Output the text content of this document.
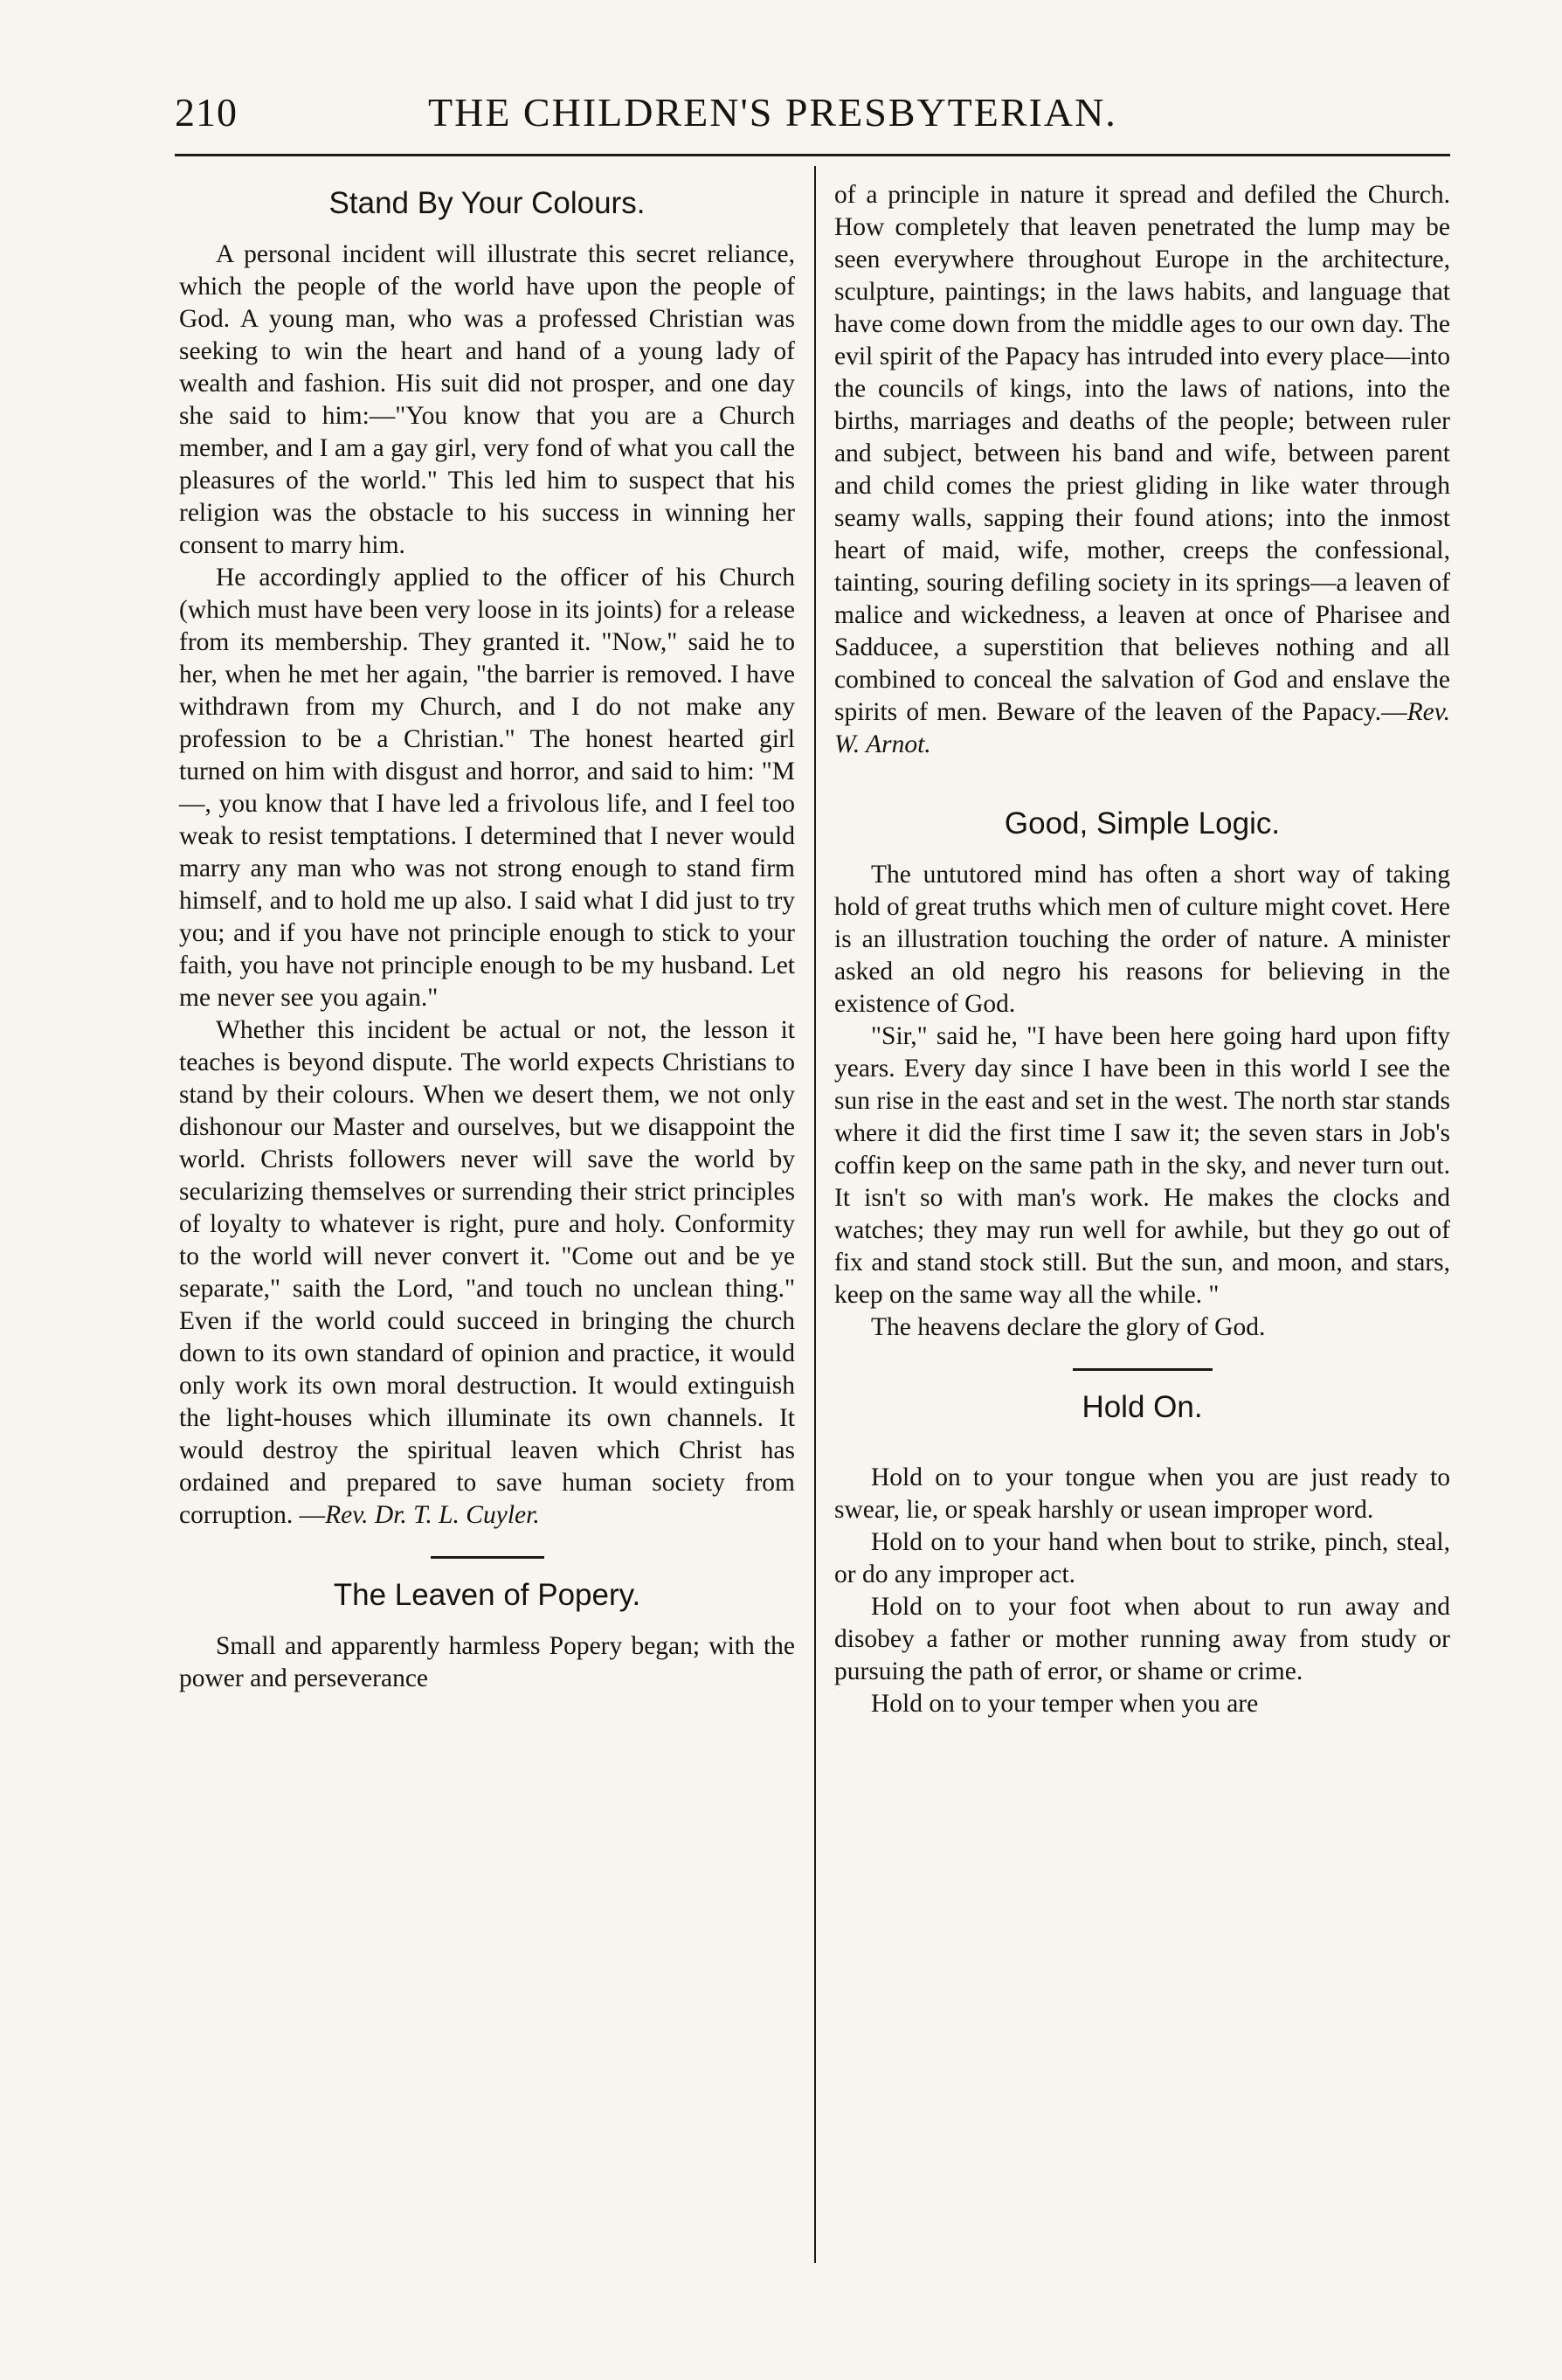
210	THE CHILDREN'S PRESBYTERIAN.
Stand By Your Colours.

A personal incident will illustrate this secret reliance, which the people of the world have upon the people of God. A young man, who was a professed Christian was seeking to win the heart and hand of a young lady of wealth and fashion. His suit did not prosper, and one day she said to him:—"You know that you are a Church member, and I am a gay girl, very fond of what you call the pleasures of the world." This led him to suspect that his religion was the obstacle to his success in winning her consent to marry him.

He accordingly applied to the officer of his Church (which must have been very loose in its joints) for a release from its membership. They granted it. "Now," said he to her, when he met her again, "the barrier is removed. I have withdrawn from my Church, and I do not make any profession to be a Christian." The honest hearted girl turned on him with disgust and horror, and said to him: "M—, you know that I have led a frivolous life, and I feel too weak to resist temptations. I determined that I never would marry any man who was not strong enough to stand firm himself, and to hold me up also. I said what I did just to try you; and if you have not principle enough to stick to your faith, you have not principle enough to be my husband. Let me never see you again."

Whether this incident be actual or not, the lesson it teaches is beyond dispute. The world expects Christians to stand by their colours. When we desert them, we not only dishonour our Master and ourselves, but we disappoint the world. Christs followers never will save the world by secularizing themselves or surrending their strict principles of loyalty to whatever is right, pure and holy. Conformity to the world will never convert it. "Come out and be ye separate," saith the Lord, "and touch no unclean thing." Even if the world could succeed in bringing the church down to its own standard of opinion and practice, it would only work its own moral destruction. It would extinguish the light-houses which illuminate its own channels. It would destroy the spiritual leaven which Christ has ordained and prepared to save human society from corruption. —Rev. Dr. T. L. Cuyler.

The Leaven of Popery.

Small and apparently harmless Popery began; with the power and perseverance

of a principle in nature it spread and defiled the Church. How completely that leaven penetrated the lump may be seen everywhere throughout Europe in the architecture, sculpture, paintings; in the laws habits, and language that have come down from the middle ages to our own day. The evil spirit of the Papacy has intruded into every place—into the councils of kings, into the laws of nations, into the births, marriages and deaths of the people; between ruler and subject, between his band and wife, between parent and child comes the priest gliding in like water through seamy walls, sapping their found ations; into the inmost heart of maid, wife, mother, creeps the confessional, tainting, souring defiling society in its springs—a leaven of malice and wickedness, a leaven at once of Pharisee and Sadducee, a superstition that believes nothing and all combined to conceal the salvation of God and enslave the spirits of men. Beware of the leaven of the Papacy.—Rev. W. Arnot.

Good, Simple Logic.

The untutored mind has often a short way of taking hold of great truths which men of culture might covet. Here is an illustration touching the order of nature. A minister asked an old negro his reasons for believing in the existence of God.

"Sir," said he, "I have been here going hard upon fifty years. Every day since I have been in this world I see the sun rise in the east and set in the west. The north star stands where it did the first time I saw it; the seven stars in Job's coffin keep on the same path in the sky, and never turn out. It isn't so with man's work. He makes the clocks and watches; they may run well for awhile, but they go out of fix and stand stock still. But the sun, and moon, and stars, keep on the same way all the while. "

The heavens declare the glory of God.

Hold On.

Hold on to your tongue when you are just ready to swear, lie, or speak harshly or usean improper word.

Hold on to your hand when bout to strike, pinch, steal, or do any improper act.

Hold on to your foot when about to run away and disobey a father or mother running away from study or pursuing the path of error, or shame or crime.

Hold on to your temper when you are
